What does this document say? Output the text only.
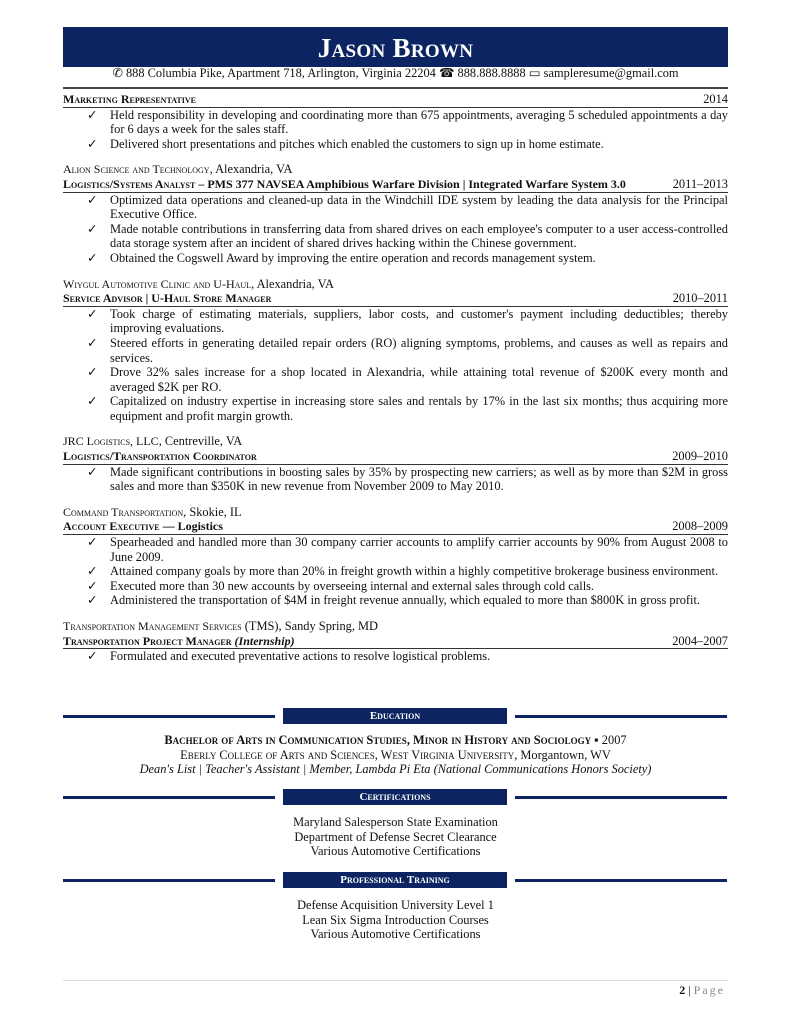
Jason Brown
✆ 888 Columbia Pike, Apartment 718, Arlington, Virginia 22204 ☎ 888.888.8888 ▭ sampleresume@gmail.com
Marketing Representative	2014
✓ Held responsibility in developing and coordinating more than 675 appointments, averaging 5 scheduled appointments a day for 6 days a week for the sales staff.
✓ Delivered short presentations and pitches which enabled the customers to sign up in home estimate.
Alion Science and Technology, Alexandria, VA
Logistics/Systems Analyst – PMS 377 NAVSEA Amphibious Warfare Division | Integrated Warfare System 3.0	2011–2013
✓ Optimized data operations and cleaned-up data in the Windchill IDE system by leading the data analysis for the Principal Executive Office.
✓ Made notable contributions in transferring data from shared drives on each employee's computer to a user access-controlled data storage system after an incident of shared drives hacking within the Chinese government.
✓ Obtained the Cogswell Award by improving the entire operation and records management system.
Wiygul Automotive Clinic and U-Haul, Alexandria, VA
Service Advisor | U-Haul Store Manager	2010–2011
✓ Took charge of estimating materials, suppliers, labor costs, and customer's payment including deductibles; thereby improving evaluations.
✓ Steered efforts in generating detailed repair orders (RO) aligning symptoms, problems, and causes as well as repairs and services.
✓ Drove 32% sales increase for a shop located in Alexandria, while attaining total revenue of $200K every month and averaged $2K per RO.
✓ Capitalized on industry expertise in increasing store sales and rentals by 17% in the last six months; thus acquiring more equipment and profit margin growth.
JRC Logistics, LLC, Centreville, VA
Logistics/Transportation Coordinator	2009–2010
✓ Made significant contributions in boosting sales by 35% by prospecting new carriers; as well as by more than $2M in gross sales and more than $350K in new revenue from November 2009 to May 2010.
Command Transportation, Skokie, IL
Account Executive — Logistics	2008–2009
✓ Spearheaded and handled more than 30 company carrier accounts to amplify carrier accounts by 90% from August 2008 to June 2009.
✓ Attained company goals by more than 20% in freight growth within a highly competitive brokerage business environment.
✓ Executed more than 30 new accounts by overseeing internal and external sales through cold calls.
✓ Administered the transportation of $4M in freight revenue annually, which equaled to more than $800K in gross profit.
Transportation Management Services (TMS), Sandy Spring, MD
Transportation Project Manager (Internship)	2004–2007
✓ Formulated and executed preventative actions to resolve logistical problems.
Education
Bachelor of Arts in Communication Studies, Minor in History and Sociology ▪ 2007
Eberly College of Arts and Sciences, West Virginia University, Morgantown, WV
Dean's List | Teacher's Assistant | Member, Lambda Pi Eta (National Communications Honors Society)
Certifications
Maryland Salesperson State Examination
Department of Defense Secret Clearance
Various Automotive Certifications
Professional Training
Defense Acquisition University Level 1
Lean Six Sigma Introduction Courses
Various Automotive Certifications
2 | Page
